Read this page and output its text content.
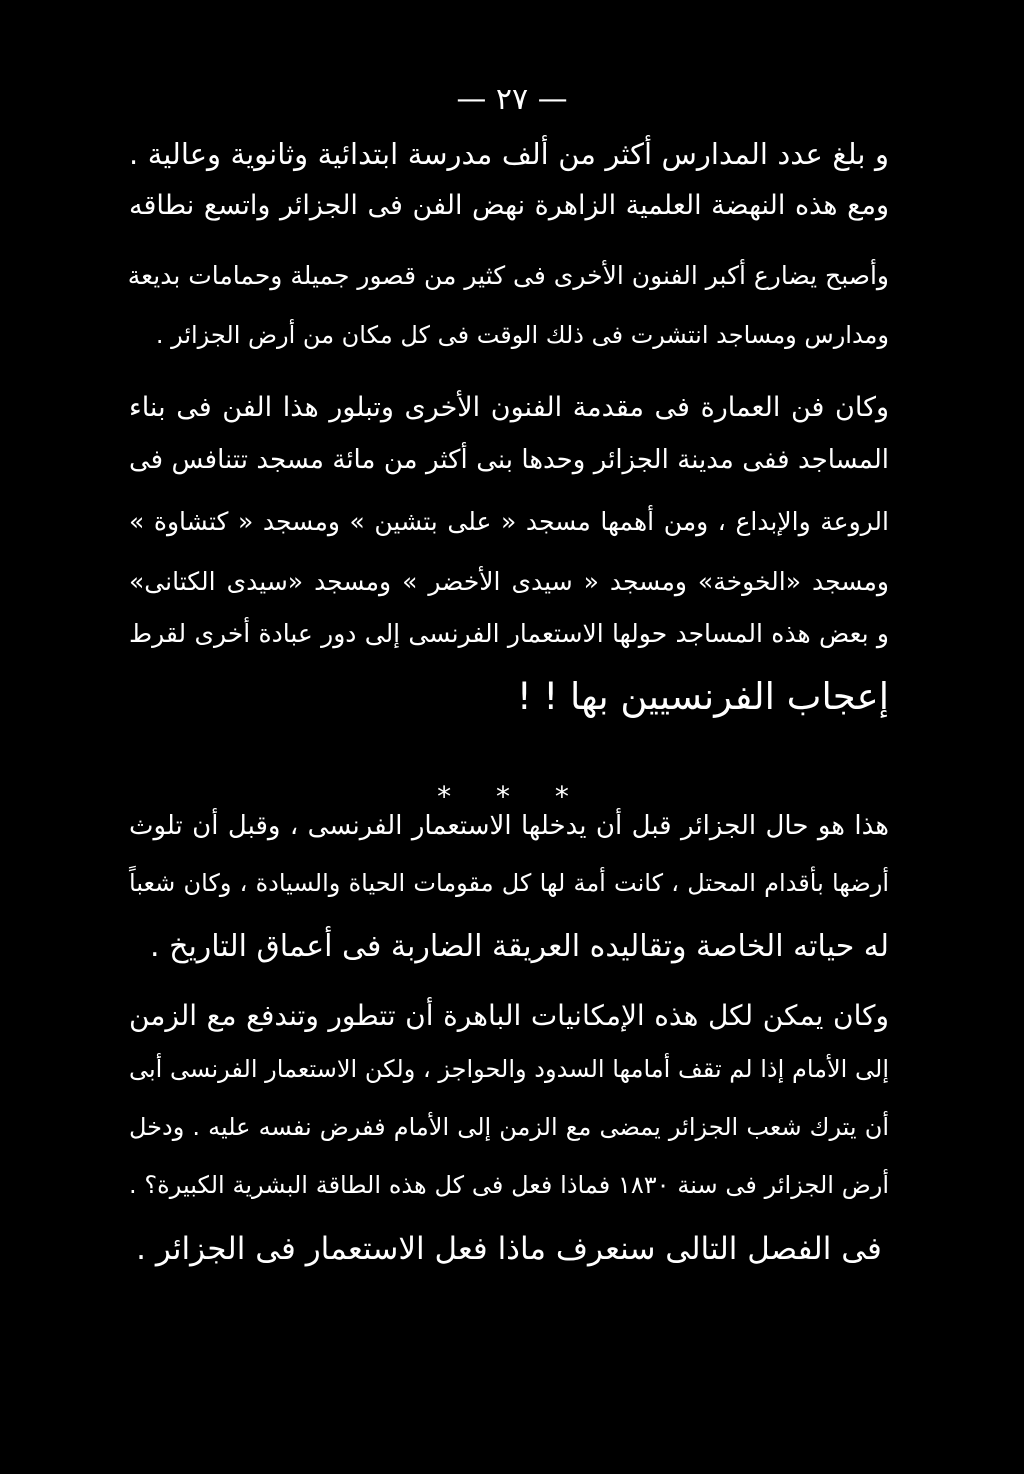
— ٢٧ —
و بلغ عدد المدارس أكثر من ألف مدرسة ابتدائية وثانوية وعالية .
ومع هذه النهضة العلمية الزاهرة نهض الفن فى الجزائر واتسع نطاقه
وأصبح يضارع أكبر الفنون الأخرى فى كثير من قصور جميلة وحمامات بديعة
ومدارس ومساجد انتشرت فى ذلك الوقت فى كل مكان من أرض الجزائر .
وكان فن العمارة فى مقدمة الفنون الأخرى وتبلور هذا الفن فى بناء
المساجد ففى مدينة الجزائر وحدها بنى أكثر من مائة مسجد تتنافس فى
الروعة والإبداع ، ومن أهمها مسجد « على بتشين » ومسجد « كتشاوة »
ومسجد «الخوخة» ومسجد « سيدى الأخضر » ومسجد «سيدى الكتانى»
و بعض هذه المساجد حولها الاستعمار الفرنسى إلى دور عبادة أخرى لقرط
إعجاب الفرنسيين بها ! !
* * *
هذا هو حال الجزائر قبل أن يدخلها الاستعمار الفرنسى ، وقبل أن تلوث
أرضها بأقدام المحتل ، كانت أمة لها كل مقومات الحياة والسيادة ، وكان شعباً
له حياته الخاصة وتقاليده العريقة الضاربة فى أعماق التاريخ .
وكان يمكن لكل هذه الإمكانيات الباهرة أن تتطور وتندفع مع الزمن
إلى الأمام إذا لم تقف أمامها السدود والحواجز ، ولكن الاستعمار الفرنسى أبى
أن يترك شعب الجزائر يمضى مع الزمن إلى الأمام ففرض نفسه عليه . ودخل
أرض الجزائر فى سنة ١٨٣٠ فماذا فعل فى كل هذه الطاقة البشرية الكبيرة؟ .
فى الفصل التالى سنعرف ماذا فعل الاستعمار فى الجزائر .
